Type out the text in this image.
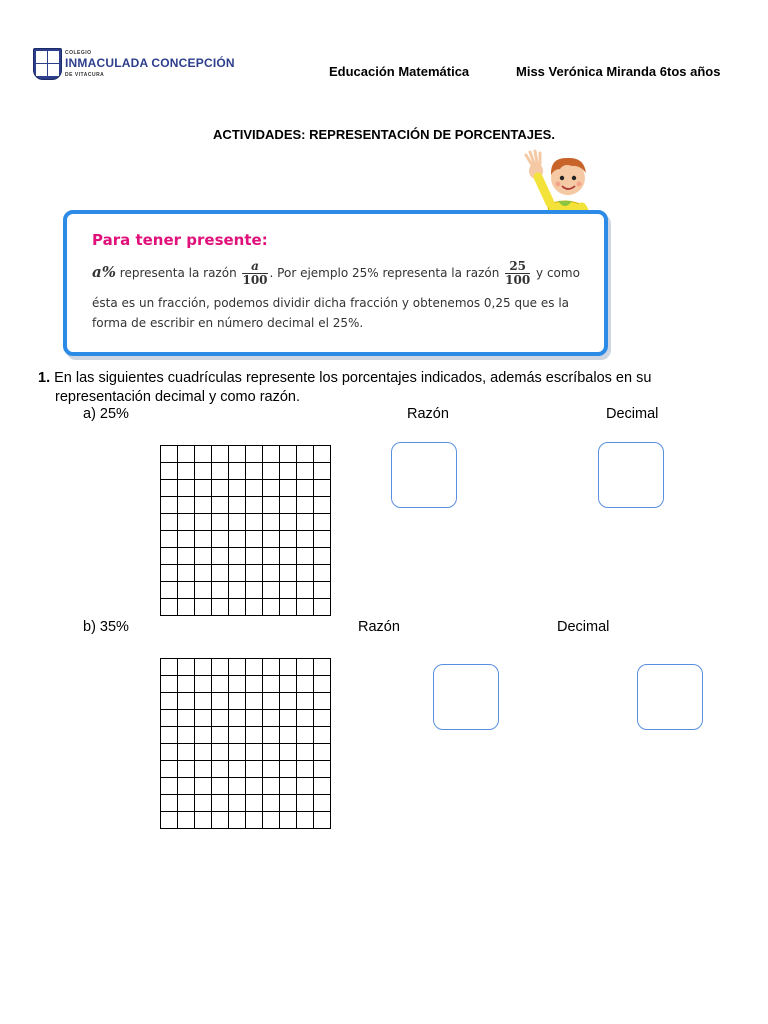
COLEGIO
INMACULADA CONCEPCIÓN
DE VITACURA	Educación Matemática	Miss Verónica Miranda 6tos años
ACTIVIDADES: REPRESENTACIÓN DE PORCENTAJES.
Para tener presente:
a% representa la razón $\frac{a}{100}$ . Por ejemplo 25% representa la razón $\frac{25}{100}$ y como
ésta es un fracción, podemos dividir dicha fracción y obtenemos 0,25 que es la
forma de escribir en número decimal el 25%.
1. En las siguientes cuadrículas represente los porcentajes indicados, además escríbalos en su
representación decimal y como razón.
a) 25%	Razón	Decimal
b) 35%	Razón	Decimal
